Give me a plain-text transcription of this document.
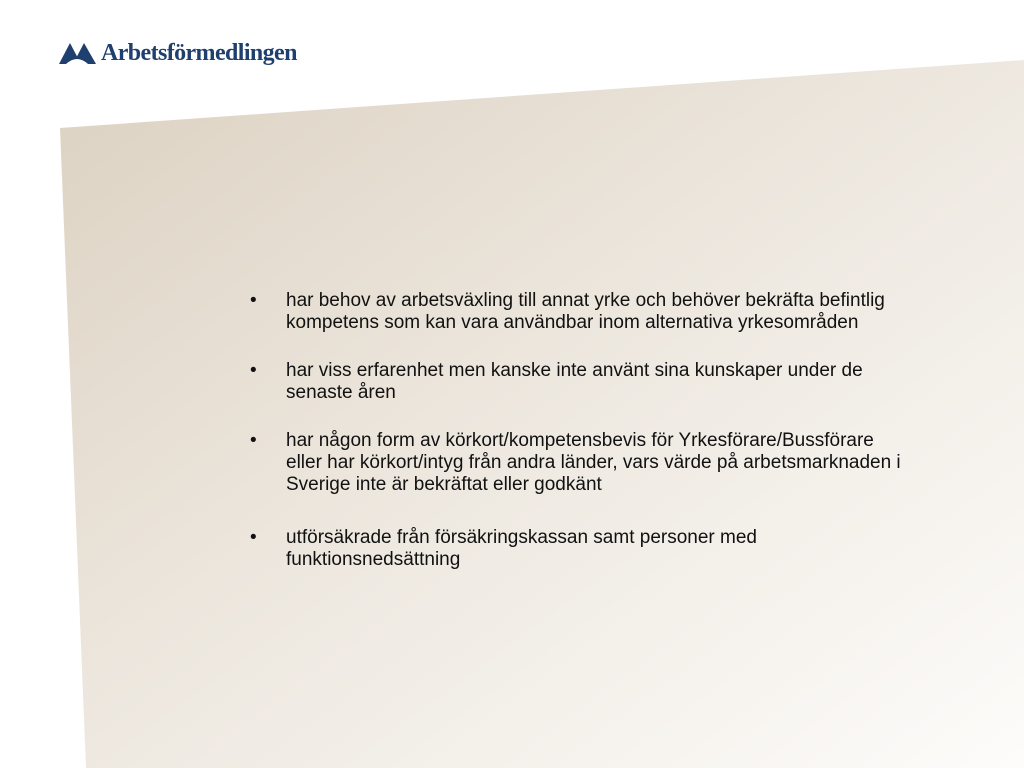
Arbetsförmedlingen
• har behov av arbetsväxling till annat yrke och behöver bekräfta befintlig kompetens som kan vara användbar inom alternativa yrkesområden
• har viss erfarenhet men kanske inte använt sina kunskaper under de senaste åren
• har någon form av körkort/kompetensbevis för Yrkesförare/Bussförare eller har körkort/intyg från andra länder, vars värde på arbetsmarknaden i Sverige inte är bekräftat eller godkänt
• utförsäkrade från försäkringskassan samt personer med funktionsnedsättning
